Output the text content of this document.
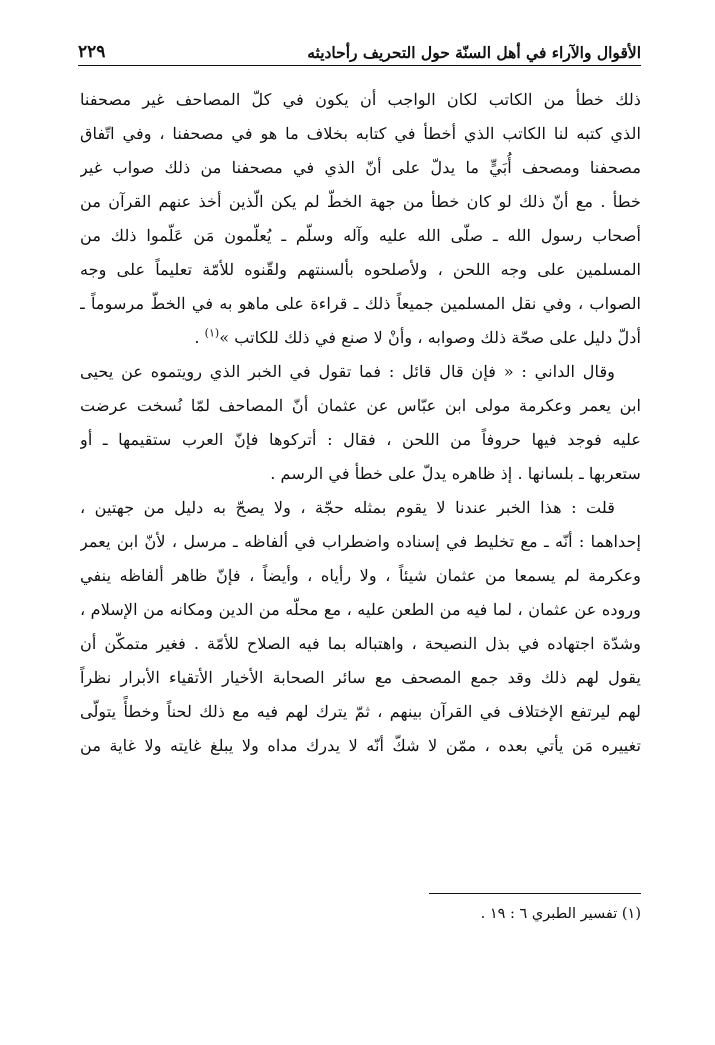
الأقوال والآراء في أهل السنّة حول التحريف رأحاديثه
٢٢٩
ذلك خطأ من الكاتب لكان الواجب أن يكون في كلّ المصاحف غير مصحفنا
الذي كتبه لنا الكاتب الذي أخطأ في كتابه بخلاف ما هو في مصحفنا ، وفي اتّفاق
مصحفنا ومصحف أُبَيٍّ ما يدلّ على أنّ الذي في مصحفنا من ذلك صواب غير
خطأ . مع أنّ ذلك لو كان خطأ من جهة الخطّ لم يكن الّذين أخذ عنهم القرآن من
أصحاب رسول الله ـ صلّى الله عليه وآله وسلّم ـ يُعلّمون مَن عَلّموا ذلك من
المسلمين على وجه اللحن ، ولأصلحوه بألسنتهم ولقّنوه للأمّة تعليماً على وجه
الصواب ، وفي نقل المسلمين جميعاً ذلك ـ قراءة على ماهو به في الخطّ مرسوماً ـ
أدلّ دليل على صحّة ذلك وصوابه ، وأنْ لا صنع في ذلك للكاتب »$^{(١)}$ .
وقال الداني : « فإن قال قائل : فما تقول في الخبر الذي رويتموه عن يحيى
ابن يعمر وعكرمة مولى ابن عبّاس عن عثمان أنّ المصاحف لمّا نُسخت عرضت
عليه فوجد فيها حروفاً من اللحن ، فقال : أتركوها فإنّ العرب ستقيمها ـ أو
ستعربها ـ بلسانها . إذ ظاهره يدلّ على خطأ في الرسم .
قلت : هذا الخبر عندنا لا يقوم بمثله حجّة ، ولا يصحّ به دليل من جهتين ،
إحداهما : أنّه ـ مع تخليط في إسناده واضطراب في ألفاظه ـ مرسل ، لأنّ ابن يعمر
وعكرمة لم يسمعا من عثمان شيئاً ، ولا رأياه ، وأيضاً ، فإنّ ظاهر ألفاظه ينفي
وروده عن عثمان ، لما فيه من الطعن عليه ، مع محلّه من الدين ومكانه من الإسلام ،
وشدّة اجتهاده في بذل النصيحة ، واهتباله بما فيه الصلاح للأمّة . فغير متمكّن أن
يقول لهم ذلك وقد جمع المصحف مع سائر الصحابة الأخيار الأتقياء الأبرار نظراً
لهم ليرتفع الإختلاف في القرآن بينهم ، ثمّ يترك لهم فيه مع ذلك لحناً وخطأً يتولّى
تغييره مَن يأتي بعده ، ممّن لا شكّ أنّه لا يدرك مداه ولا يبلغ غايته ولا غاية من
(١) تفسير الطبري ٦ : ١٩ .
